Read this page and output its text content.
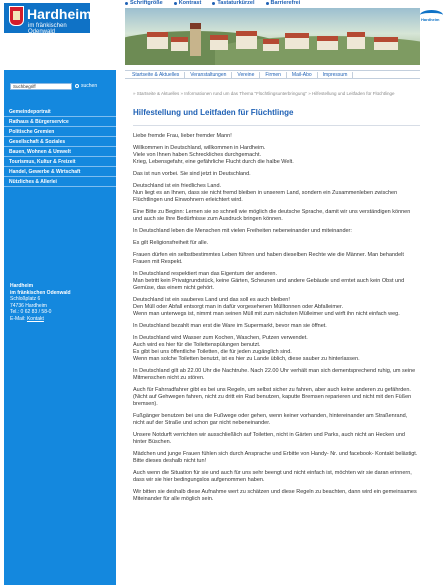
Hardheim
im fränkischen Odenwald
Schriftgröße	Kontrast	Tastaturkürzel	Barrierefrei
Hardheim
Startseite & Aktuelles	Veranstaltungen	Vereine	Firmen	Mail-Abo	Impressum
Suchbegriff	suchen
Gemeindeportrait
Rathaus & Bürgerservice
Politische Gremien
Gesellschaft & Soziales
Bauen, Wohnen & Umwelt
Tourismus, Kultur & Freizeit
Handel, Gewerbe & Wirtschaft
Nützliches & Allerlei
Hardheim
im fränkischen Odenwald
Schloßplatz 6
74736 Hardheim
Tel.: 0 62 83 / 58-0
E-Mail: Kontakt
» Startseite & Aktuelles » Informationen rund um das Thema "Flüchtlingsunterbringung" » Hilfestellung und Leitfaden für Flüchtlinge
Hilfestellung und Leitfaden für Flüchtlinge

Liebe fremde Frau, lieber fremder Mann!

Willkommen in Deutschland, willkommen in Hardheim.
Viele von Ihnen haben Schreckliches durchgemacht.
Krieg, Lebensgefahr, eine gefährliche Flucht durch die halbe Welt.

Das ist nun vorbei. Sie sind jetzt in Deutschland.

Deutschland ist ein friedliches Land.
Nun liegt es an Ihnen, dass sie nicht fremd bleiben in unserem Land, sondern ein Zusammenleben zwischen Flüchtlingen und Einwohnern erleichtert wird.

Eine Bitte zu Beginn: Lernen sie so schnell wie möglich die deutsche Sprache, damit wir uns verständigen können und auch sie Ihre Bedürfnisse zum Ausdruck bringen können.

In Deutschland leben die Menschen mit vielen Freiheiten nebeneinander und miteinander:

Es gilt Religionsfreiheit für alle.

Frauen dürfen ein selbstbestimmtes Leben führen und haben dieselben Rechte wie die Männer. Man behandelt Frauen mit Respekt.

In Deutschland respektiert man das Eigentum der anderen.
Man betritt kein Privatgrundstück, keine Gärten, Scheunen und andere Gebäude und erntet auch kein Obst und Gemüse, das einem nicht gehört.

Deutschland ist ein sauberes Land und das soll es auch bleiben!
Den Müll oder Abfall entsorgt man in dafür vorgesehenen Mülltonnen oder Abfalleimer.
Wenn man unterwegs ist, nimmt man seinen Müll mit zum nächsten Mülleimer und wirft ihn nicht einfach weg.

In Deutschland bezahlt man erst die Ware im Supermarkt, bevor man sie öffnet.

In Deutschland wird Wasser zum Kochen, Waschen, Putzen verwendet.
Auch wird es hier für die Toilettenspülungen benutzt.
Es gibt bei uns öffentliche Toiletten, die für jeden zugänglich sind.
Wenn man solche Toiletten benutzt, ist es hier zu Lande üblich, diese sauber zu hinterlassen.

In Deutschland gilt ab 22.00 Uhr die Nachtruhe. Nach 22.00 Uhr verhält man sich dementsprechend ruhig, um seine Mitmenschen nicht zu stören.

Auch für Fahrradfahrer gibt es bei uns Regeln, um selbst sicher zu fahren, aber auch keine anderen zu gefährden. (Nicht auf Gehwegen fahren, nicht zu dritt ein Rad benutzen, kaputte Bremsen reparieren und nicht mit den Füßen bremsen).

Fußgänger benutzen bei uns die Fußwege oder gehen, wenn keiner vorhanden, hintereinander am Straßenrand, nicht auf der Straße und schon gar nicht nebeneinander.

Unsere Notdurft verrichten wir ausschließlich auf Toiletten, nicht in Gärten und Parks, auch nicht an Hecken und hinter Büschen.

Mädchen und junge Frauen fühlen sich durch Ansprache und Erbitte von Handy- Nr. und facebook- Kontakt belästigt. Bitte dieses deshalb nicht tun!

Auch wenn die Situation für sie und auch für uns sehr beengt und nicht einfach ist, möchten wir sie daran erinnern, dass wir sie hier bedingungslos aufgenommen haben.

Wir bitten sie deshalb diese Aufnahme wert zu schätzen und diese Regeln zu beachten, dann wird ein gemeinsames Miteinander für alle möglich sein.
